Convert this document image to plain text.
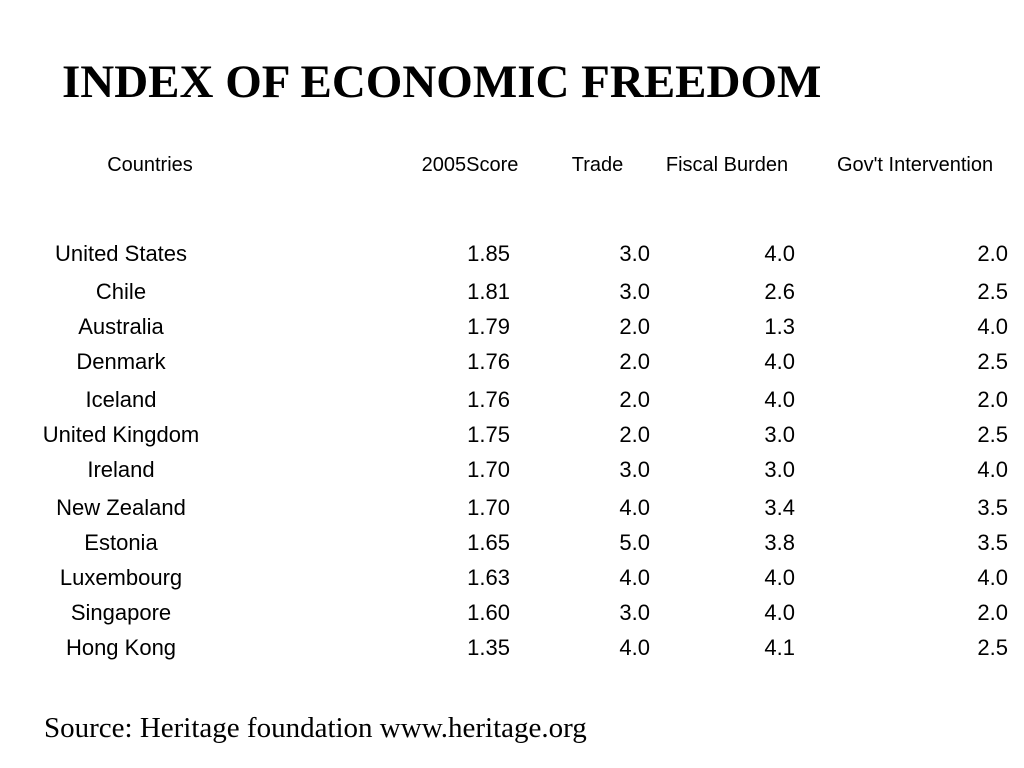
INDEX OF ECONOMIC FREEDOM
Countries	2005Score	Trade	Fiscal Burden	Gov't Intervention
United States	1.85	3.0	4.0	2.0
Chile	1.81	3.0	2.6	2.5
Australia	1.79	2.0	1.3	4.0
Denmark	1.76	2.0	4.0	2.5
Iceland	1.76	2.0	4.0	2.0
United Kingdom	1.75	2.0	3.0	2.5
Ireland	1.70	3.0	3.0	4.0
New Zealand	1.70	4.0	3.4	3.5
Estonia	1.65	5.0	3.8	3.5
Luxembourg	1.63	4.0	4.0	4.0
Singapore	1.60	3.0	4.0	2.0
Hong Kong	1.35	4.0	4.1	2.5
Source: Heritage foundation www.heritage.org
